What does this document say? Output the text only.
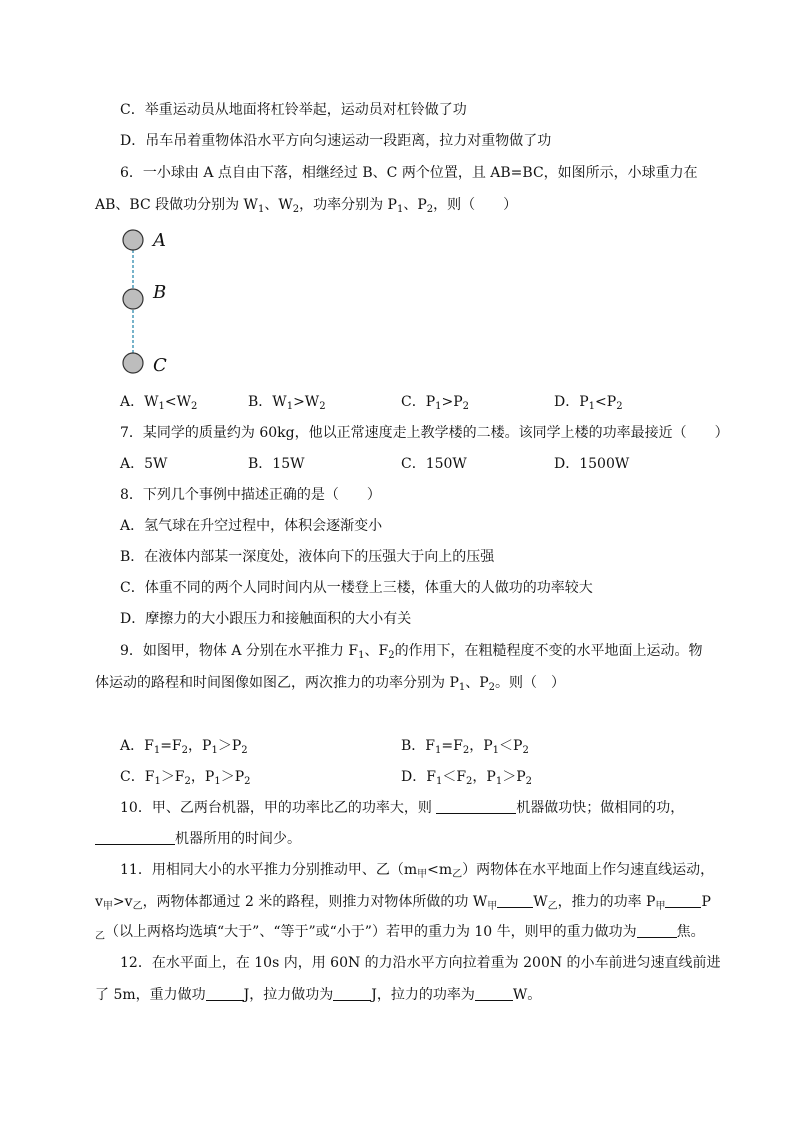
C．举重运动员从地面将杠铃举起，运动员对杠铃做了功
D．吊车吊着重物体沿水平方向匀速运动一段距离，拉力对重物做了功
6．一小球由 A 点自由下落，相继经过 B、C 两个位置，且 AB=BC，如图所示，小球重力在
AB、BC 段做功分别为 $W_1$、$W_2$，功率分别为 $P_1$、$P_2$，则（　　）
A
B
C
A．$W_1<W_2$	B．$W_1>W_2$	C．$P_1>P_2$	D．$P_1<P_2$
7．某同学的质量约为 60kg，他以正常速度走上教学楼的二楼。该同学上楼的功率最接近（　　）
A．5W	B．15W	C．150W	D．1500W
8．下列几个事例中描述正确的是（　　）
A．氢气球在升空过程中，体积会逐渐变小
B．在液体内部某一深度处，液体向下的压强大于向上的压强
C．体重不同的两个人同时间内从一楼登上三楼，体重大的人做功的功率较大
D．摩擦力的大小跟压力和接触面积的大小有关
9．如图甲，物体 A 分别在水平推力 $F_1$、$F_2$的作用下，在粗糙程度不变的水平地面上运动。物
体运动的路程和时间图像如图乙，两次推力的功率分别为 $P_1$、$P_2$。则（　）
A．$F_1=F_2$，$P_1>P_2$	B．$F_1=F_2$，$P_1<P_2$
C．$F_1>F_2$，$P_1>P_2$	D．$F_1<F_2$，$P_1>P_2$
10．甲、乙两台机器，甲的功率比乙的功率大，则	机器做功快；做相同的功，
机器所用的时间少。
11．用相同大小的水平推力分别推动甲、乙$(m_甲<m_乙)$两物体在水平地面上作匀速直线运动，
$v_甲>v_乙$，两物体都通过 2 米的路程，则推力对物体所做的功 $W_甲$	$W_乙$，推力的功率 $P_甲$	P
$_乙$（以上两格均选填“大于”、“等于”或“小于”）若甲的重力为 10 牛，则甲的重力做功为	焦。
12．在水平面上，在 10s 内，用 60N 的力沿水平方向拉着重为 200N 的小车前进匀速直线前进
了 5m，重力做功	J，拉力做功为	J，拉力的功率为	W。
